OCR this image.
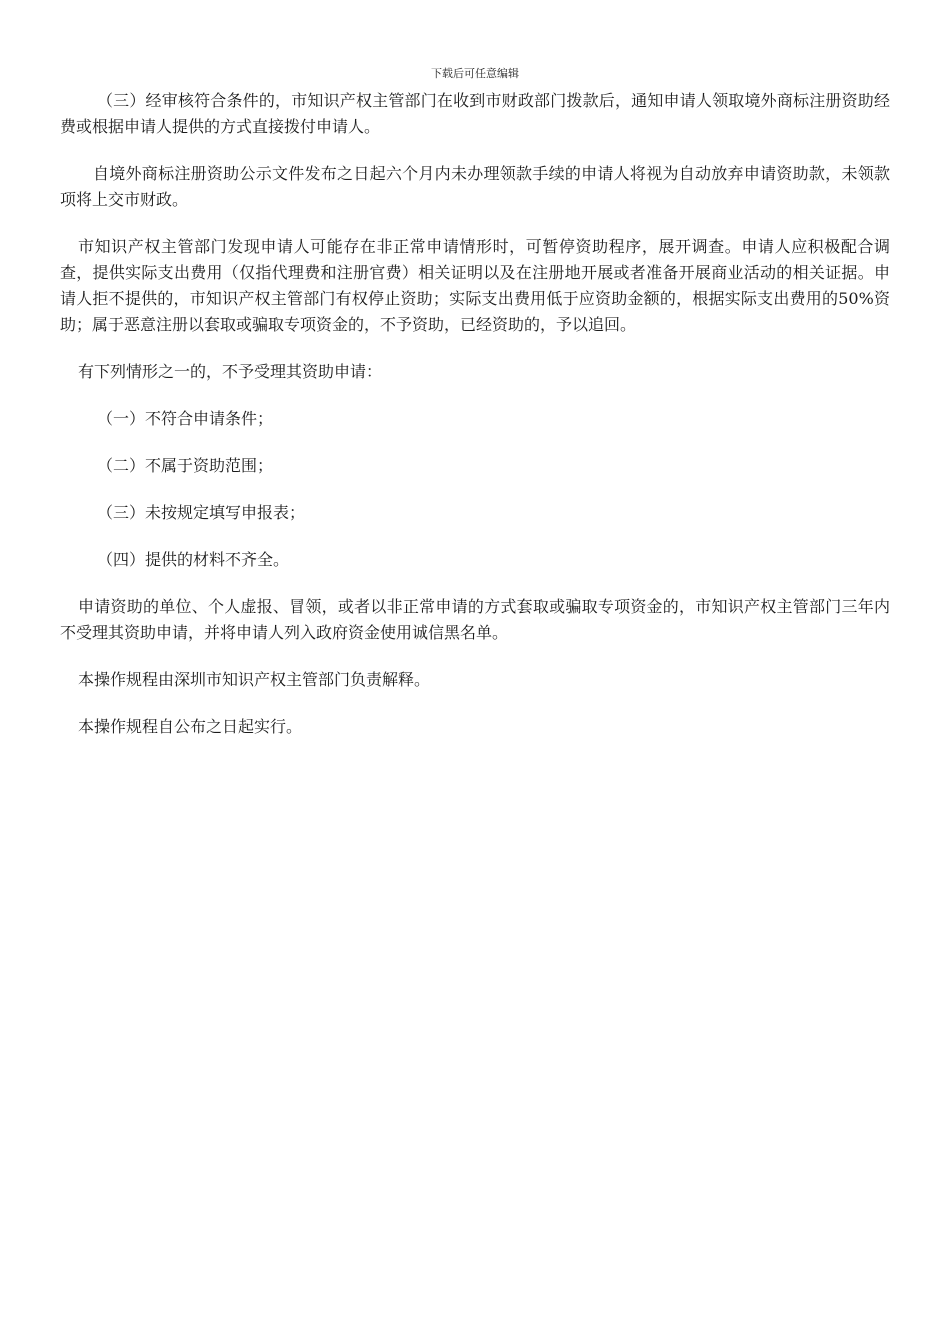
下载后可任意编辑

（三）经审核符合条件的，市知识产权主管部门在收到市财政部门拨款后，通知申请人领取境外商标注册资助经费或根据申请人提供的方式直接拨付申请人。

自境外商标注册资助公示文件发布之日起六个月内未办理领款手续的申请人将视为自动放弃申请资助款，未领款项将上交市财政。

市知识产权主管部门发现申请人可能存在非正常申请情形时，可暂停资助程序，展开调查。申请人应积极配合调查，提供实际支出费用（仅指代理费和注册官费）相关证明以及在注册地开展或者准备开展商业活动的相关证据。申请人拒不提供的，市知识产权主管部门有权停止资助；实际支出费用低于应资助金额的，根据实际支出费用的50%资助；属于恶意注册以套取或骗取专项资金的，不予资助，已经资助的，予以追回。

有下列情形之一的，不予受理其资助申请：

（一）不符合申请条件；

（二）不属于资助范围；

（三）未按规定填写申报表；

（四）提供的材料不齐全。

申请资助的单位、个人虚报、冒领，或者以非正常申请的方式套取或骗取专项资金的，市知识产权主管部门三年内不受理其资助申请，并将申请人列入政府资金使用诚信黑名单。

本操作规程由深圳市知识产权主管部门负责解释。

本操作规程自公布之日起实行。
